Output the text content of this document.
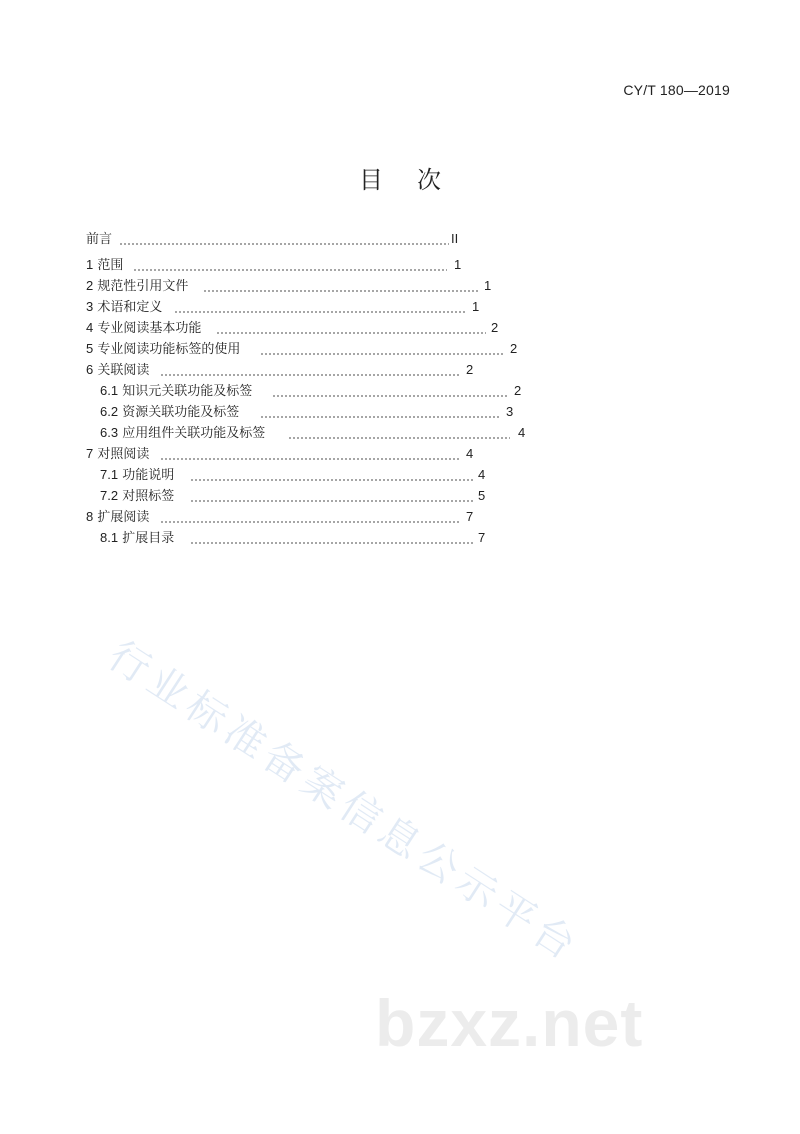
CY/T 180—2019
目次
前言	II
1 范围	1
2 规范性引用文件	1
3 术语和定义	1
4 专业阅读基本功能	2
5 专业阅读功能标签的使用	2
6 关联阅读	2
6.1 知识元关联功能及标签	2
6.2 资源关联功能及标签	3
6.3 应用组件关联功能及标签	4
7 对照阅读	4
7.1 功能说明	4
7.2 对照标签	5
8 扩展阅读	7
8.1 扩展目录	7
行业标准备案信息公示平台
bzxz.net
